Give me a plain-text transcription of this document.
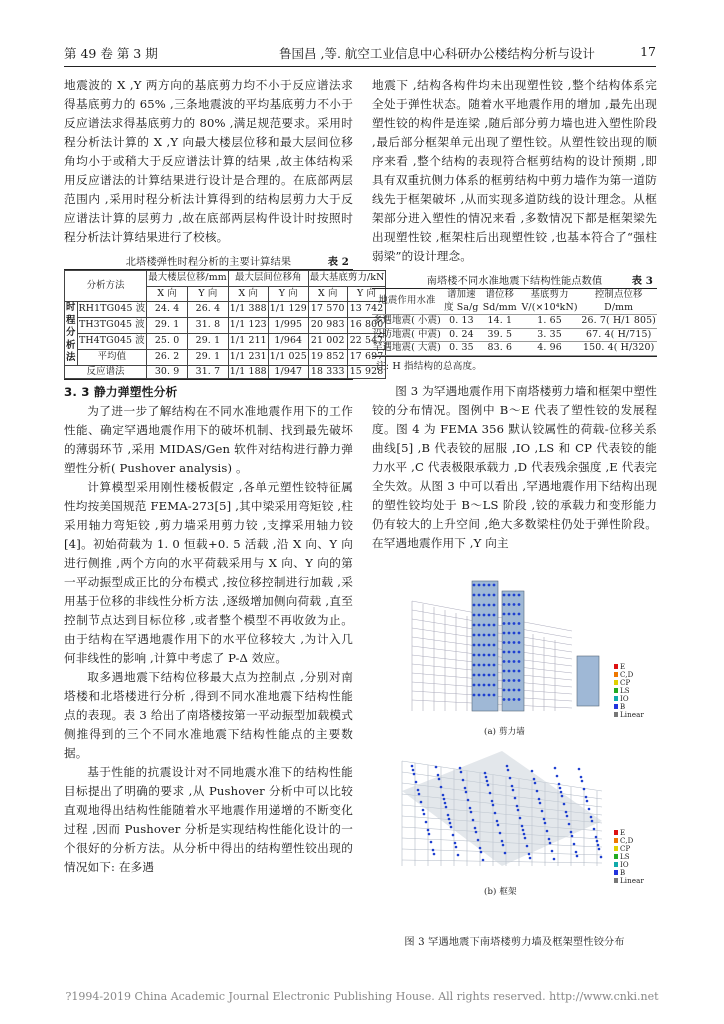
第 49 卷 第 3 期	鲁国昌 ,等. 航空工业信息中心科研办公楼结构分析与设计	17

地震波的 X ,Y 两方向的基底剪力均不小于反应谱法求得基底剪力的 65% ,三条地震波的平均基底剪力不小于反应谱法求得基底剪力的 80% ,满足规范要求。采用时程分析法计算的 X ,Y 向最大楼层位移和最大层间位移角均小于或稍大于反应谱法计算的结果 ,故主体结构采用反应谱法的计算结果进行设计是合理的。在底部两层范围内 ,采用时程分析法计算得到的结构层剪力大于反应谱法计算的层剪力 ,故在底部两层构件设计时按照时程分析法计算结果进行了校核。

北塔楼弹性时程分析的主要计算结果	表 2
分析方法		最大楼层位移/mm		最大层间位移角		最大基底剪力/kN	
		X 向	Y 向	X 向	Y 向	X 向	Y 向
时程分析法	RH1TG045 波	24. 4	26. 4	1/1 388	1/1 129	17 570	13 742
	TH3TG045 波	29. 1	31. 8	1/1 123	1/995	20 983	16 800
	TH4TG045 波	25. 0	29. 1	1/1 211	1/964	21 002	22 547
	平均值	26. 2	29. 1	1/1 231	1/1 025	19 852	17 697
反应谱法		30. 9	31. 7	1/1 188	1/947	18 333	15 928
3. 3 静力弹塑性分析

为了进一步了解结构在不同水准地震作用下的工作性能、确定罕遇地震作用下的破坏机制、找到最先破坏的薄弱环节 ,采用 MIDAS/Gen 软件对结构进行静力弹塑性分析( Pushover analysis) 。

计算模型采用刚性楼板假定 ,各单元塑性铰特征属性均按美国规范 FEMA-273[5] ,其中梁采用弯矩铰 ,柱采用轴力弯矩铰 ,剪力墙采用剪力铰 ,支撑采用轴力铰[4]。初始荷载为 1. 0 恒载+0. 5 活载 ,沿 X 向、Y 向进行侧推 ,两个方向的水平荷载采用与 X 向、Y 向的第一平动振型成正比的分布模式 ,按位移控制进行加载 ,采用基于位移的非线性分析方法 ,逐级增加侧向荷载 ,直至控制节点达到目标位移 ,或者整个模型不再收敛为止。由于结构在罕遇地震作用下的水平位移较大 ,为计入几何非线性的影响 ,计算中考虑了 P-Δ 效应。

取多遇地震下结构位移最大点为控制点 ,分别对南塔楼和北塔楼进行分析 ,得到不同水准地震下结构性能点的表现。表 3 给出了南塔楼按第一平动振型加载模式侧推得到的三个不同水准地震下结构性能点的主要数据。

基于性能的抗震设计对不同地震水准下的结构性能目标提出了明确的要求 ,从 Pushover 分析中可以比较直观地得出结构性能随着水平地震作用递增的不断变化过程 ,因而 Pushover 分析是实现结构性能化设计的一个很好的分析方法。从分析中得出的结构塑性铰出现的情况如下: 在多遇

地震下 ,结构各构件均未出现塑性铰 ,整个结构体系完全处于弹性状态。随着水平地震作用的增加 ,最先出现塑性铰的构件是连梁 ,随后部分剪力墙也进入塑性阶段 ,最后部分框架单元出现了塑性铰。从塑性铰出现的顺序来看 ,整个结构的表现符合框剪结构的设计预期 ,即具有双重抗侧力体系的框剪结构中剪力墙作为第一道防线先于框架破坏 ,从而实现多道防线的设计理念。从框架部分进入塑性的情况来看 ,多数情况下都是框架梁先出现塑性铰 ,框架柱后出现塑性铰 ,也基本符合了“强柱弱梁”的设计理念。

南塔楼不同水准地震下结构性能点数值	表 3
地震作用水准	谱加速度 Sa/g	谱位移 Sd/mm	基底剪力 V/(×10⁴kN)	控制点位移 D/mm
多遇地震( 小震)	0. 13	14. 1	1. 65	26. 7( H/1 805)
设防地震( 中震)	0. 24	39. 5	3. 35	67. 4( H/715)
罕遇地震( 大震)	0. 35	83. 6	4. 96	150. 4( H/320)
注: H 指结构的总高度。

图 3 为罕遇地震作用下南塔楼剪力墙和框架中塑性铰的分布情况。图例中 B～E 代表了塑性铰的发展程度。图 4 为 FEMA 356 默认铰属性的荷载-位移关系曲线[5] ,B 代表铰的屈服 ,IO ,LS 和 CP 代表铰的能力水平 ,C 代表极限承载力 ,D 代表残余强度 ,E 代表完全失效。从图 3 中可以看出 ,罕遇地震作用下结构出现的塑性铰均处于 B～LS 阶段 ,铰的承载力和变形能力仍有较大的上升空间 ,绝大多数梁柱仍处于弹性阶段。在罕遇地震作用下 ,Y 向主

(a) 剪力墙
(b) 框架
E
C,D
CP
LS
IO
B
Linear
E
C,D
CP
LS
IO
B
Linear
图 3 罕遇地震下南塔楼剪力墙及框架塑性铰分布
?1994-2019 China Academic Journal Electronic Publishing House. All rights reserved. http://www.cnki.net
